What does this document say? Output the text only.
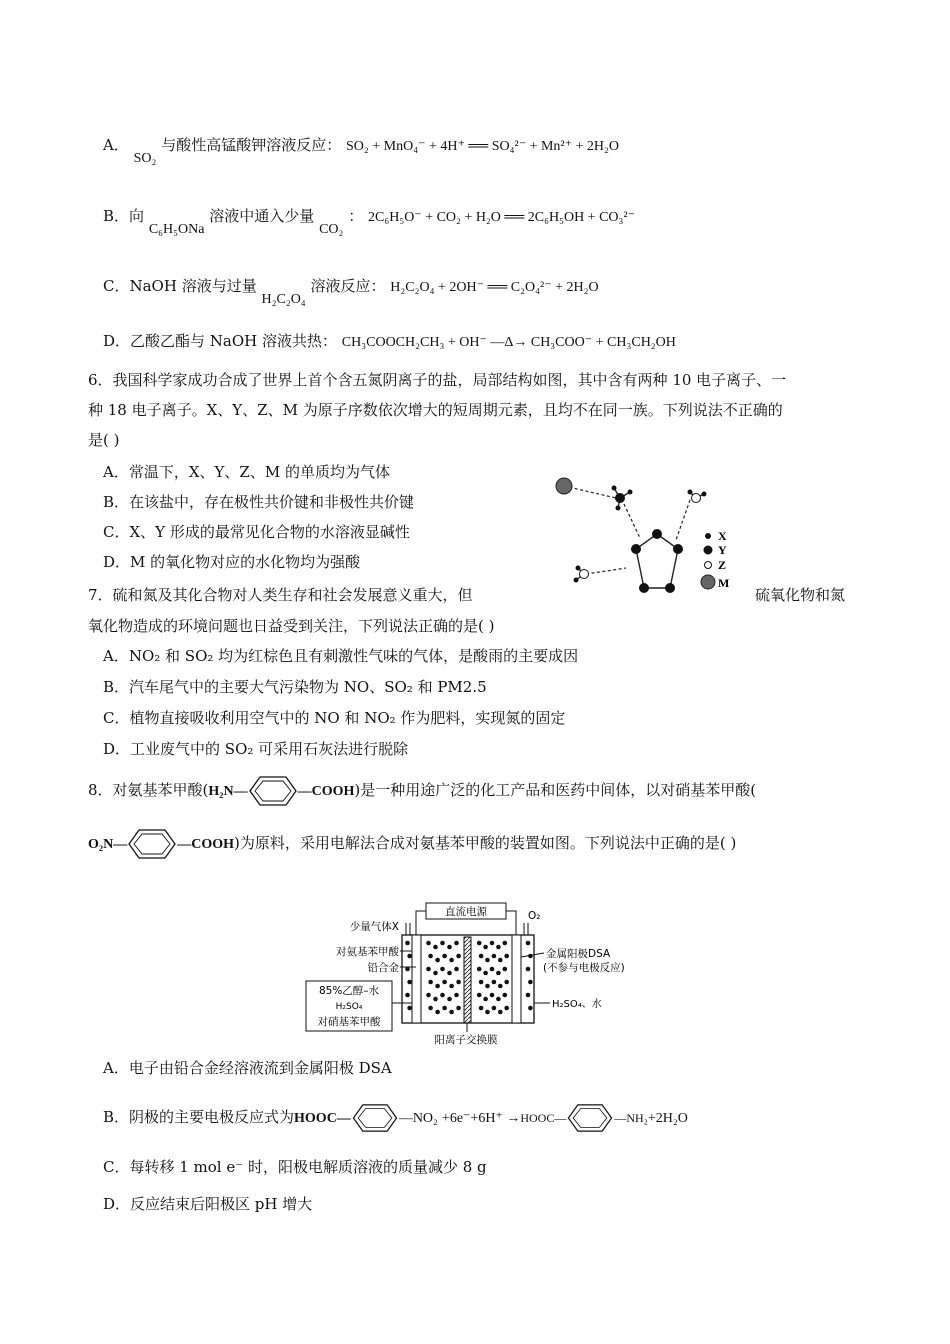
A． SO₂ 与酸性高锰酸钾溶液反应： SO₂ + MnO₄⁻ + 4H⁺ ══ SO₄²⁻ + Mn²⁺ + 2H₂O
B．向 C₆H₅ONa 溶液中通入少量 CO₂ ： 2C₆H₅O⁻ + CO₂ + H₂O ══ 2C₆H₅OH + CO₃²⁻
C．NaOH 溶液与过量 H₂C₂O₄ 溶液反应： H₂C₂O₄ + 2OH⁻ ══ C₂O₄²⁻ + 2H₂O
D．乙酸乙酯与 NaOH 溶液共热： CH₃COOCH₂CH₃ + OH⁻ —Δ→ CH₃COO⁻ + CH₃CH₂OH
6．我国科学家成功合成了世界上首个含五氮阴离子的盐，局部结构如图，其中含有两种 10 电子离子、一
种 18 电子离子。X、Y、Z、M 为原子序数依次增大的短周期元素，且均不在同一族。下列说法不正确的
是( )
A．常温下，X、Y、Z、M 的单质均为气体
B．在该盐中，存在极性共价键和非极性共价键
C．X、Y 形成的最常见化合物的水溶液显碱性
D．M 的氧化物对应的水化物均为强酸
X
Y
Z
M
7．硫和氮及其化合物对人类生存和社会发展意义重大，但	硫氧化物和氮
氧化物造成的环境问题也日益受到关注，下列说法正确的是( )
A．NO₂ 和 SO₂ 均为红棕色且有刺激性气味的气体，是酸雨的主要成因
B．汽车尾气中的主要大气污染物为 NO、SO₂ 和 PM2.5
C．植物直接吸收利用空气中的 NO 和 NO₂ 作为肥料，实现氮的固定
D．工业废气中的 SO₂ 可采用石灰法进行脱除
8．对氨基苯甲酸(H₂N—	—COOH)是一种用途广泛的化工产品和医药中间体，以对硝基苯甲酸(
O₂N—	—COOH)为原料，采用电解法合成对氨基苯甲酸的装置如图。下列说法中正确的是( )
直流电源
少量气体X
O₂
对氨基苯甲酸
铅合金
85%乙醇–水
H₂SO₄
对硝基苯甲酸
金属阳极DSA
(不参与电极反应)
H₂SO₄、水
阳离子交换膜
A．电子由铅合金经溶液流到金属阳极 DSA
B．阴极的主要电极反应式为HOOC—	—NO₂ +6e⁻+6H⁺ →HOOC—	—NH₂+2H₂O
C．每转移 1 mol e⁻ 时，阳极电解质溶液的质量减少 8 g
D．反应结束后阳极区 pH 增大
